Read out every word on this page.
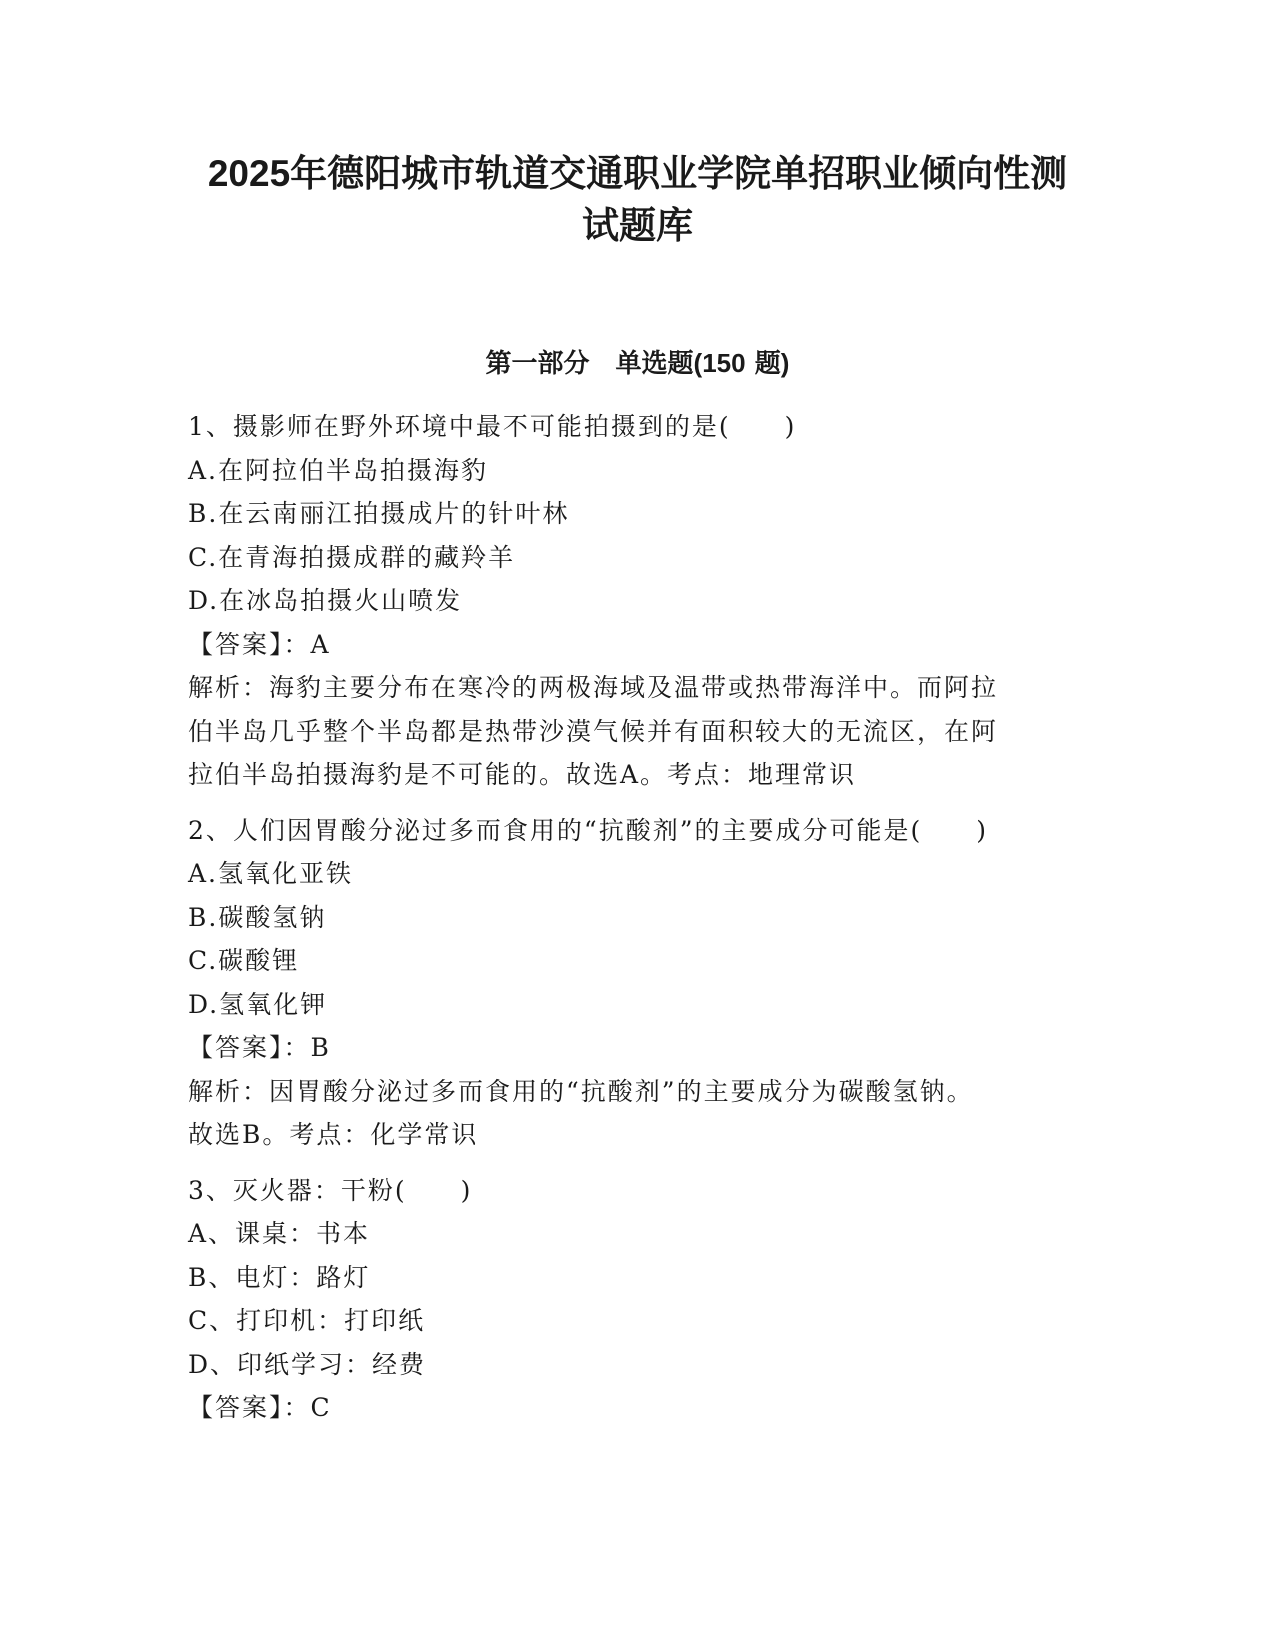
2025年德阳城市轨道交通职业学院单招职业倾向性测
试题库
第一部分　单选题(150 题)
1、摄影师在野外环境中最不可能拍摄到的是(　　)
A.在阿拉伯半岛拍摄海豹
B.在云南丽江拍摄成片的针叶林
C.在青海拍摄成群的藏羚羊
D.在冰岛拍摄火山喷发
【答案】：A
解析：海豹主要分布在寒冷的两极海域及温带或热带海洋中。而阿拉
伯半岛几乎整个半岛都是热带沙漠气候并有面积较大的无流区，在阿
拉伯半岛拍摄海豹是不可能的。故选A。考点：地理常识
2、人们因胃酸分泌过多而食用的“抗酸剂”的主要成分可能是(　　)
A.氢氧化亚铁
B.碳酸氢钠
C.碳酸锂
D.氢氧化钾
【答案】：B
解析：因胃酸分泌过多而食用的“抗酸剂”的主要成分为碳酸氢钠。
故选B。考点：化学常识
3、灭火器：干粉(　　)
A、课桌：书本
B、电灯：路灯
C、打印机：打印纸
D、印纸学习：经费
【答案】：C
